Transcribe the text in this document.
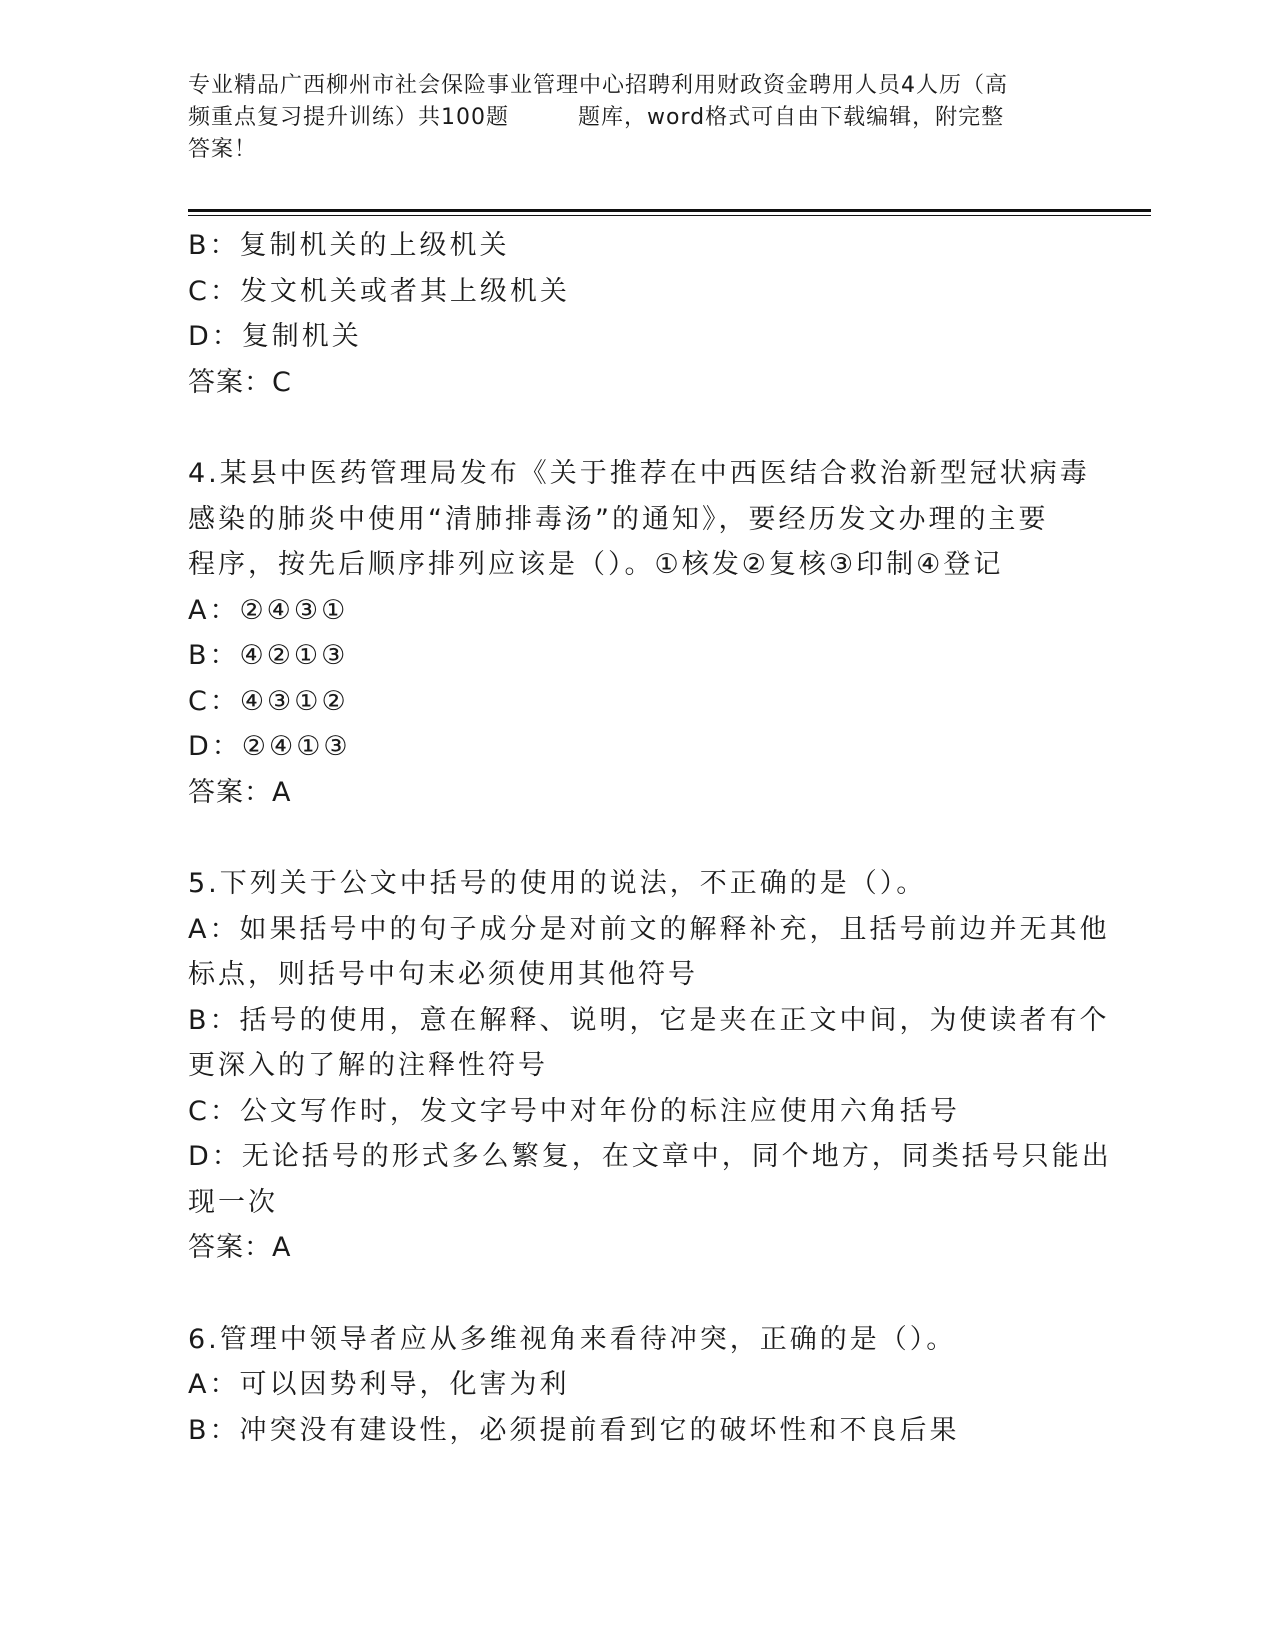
专业精品广西柳州市社会保险事业管理中心招聘利用财政资金聘用人员4人历（高
频重点复习提升训练）共100题　　　题库，word格式可自由下载编辑，附完整
答案！
B：复制机关的上级机关
C：发文机关或者其上级机关
D：复制机关
答案：C
4.某县中医药管理局发布《关于推荐在中西医结合救治新型冠状病毒
感染的肺炎中使用“清肺排毒汤”的通知》，要经历发文办理的主要
程序，按先后顺序排列应该是（）。①核发②复核③印制④登记
A：②④③①
B：④②①③
C：④③①②
D：②④①③
答案：A
5.下列关于公文中括号的使用的说法，不正确的是（）。
A：如果括号中的句子成分是对前文的解释补充，且括号前边并无其他
标点，则括号中句末必须使用其他符号
B：括号的使用，意在解释、说明，它是夹在正文中间，为使读者有个
更深入的了解的注释性符号
C：公文写作时，发文字号中对年份的标注应使用六角括号
D：无论括号的形式多么繁复，在文章中，同个地方，同类括号只能出
现一次
答案：A
6.管理中领导者应从多维视角来看待冲突，正确的是（）。
A：可以因势利导，化害为利
B：冲突没有建设性，必须提前看到它的破坏性和不良后果
